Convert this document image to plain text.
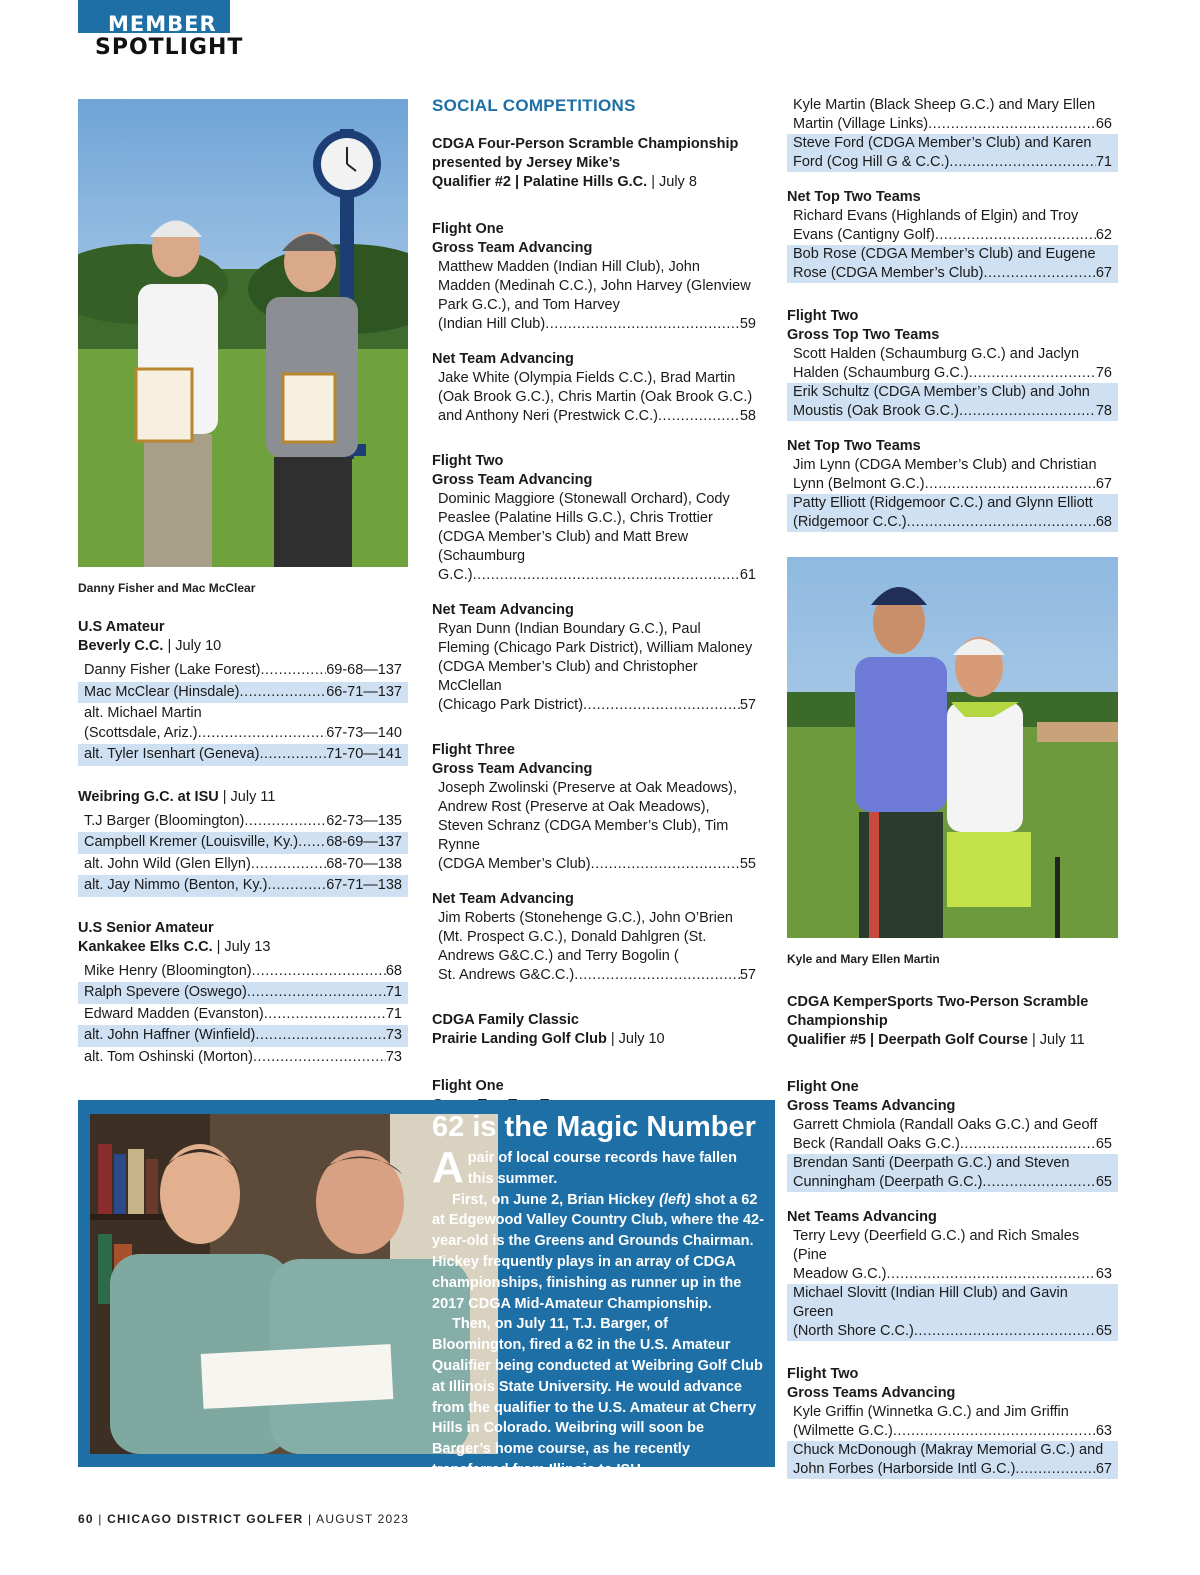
MEMBER
SPOTLIGHT
Danny Fisher and Mac McClear
U.S Amateur
Beverly C.C. | July 10
Danny Fisher (Lake Forest) .....	69-68—137
Mac McClear (Hinsdale) .....	66-71—137
alt. Michael Martin
(Scottsdale, Ariz.) .....	67-73—140
alt. Tyler Isenhart (Geneva) .....	71-70—141
Weibring G.C. at ISU | July 11
T.J Barger (Bloomington) .....	62-73—135
Campbell Kremer (Louisville, Ky.) ..... 68-69—137
alt. John Wild (Glen Ellyn) .....	68-70—138
alt. Jay Nimmo (Benton, Ky.) .....	67-71—138
U.S Senior Amateur
Kankakee Elks C.C. | July 13
Mike Henry (Bloomington) .....	68
Ralph Spevere (Oswego) .....	71
Edward Madden (Evanston) .....	71
alt. John Haffner (Winfield) .....	73
alt. Tom Oshinski (Morton) .....	73
SOCIAL COMPETITIONS
CDGA Four-Person Scramble Championship presented by Jersey Mike’s
Qualifier #2 | Palatine Hills G.C. | July 8
Flight One
Gross Team Advancing
Matthew Madden (Indian Hill Club), John Madden (Medinah C.C.), John Harvey (Glenview Park G.C.), and Tom Harvey
(Indian Hill Club) .....	59
Net Team Advancing
Jake White (Olympia Fields C.C.), Brad Martin (Oak Brook G.C.), Chris Martin (Oak Brook G.C.)
and Anthony Neri (Prestwick C.C.) .....	58
Flight Two
Gross Team Advancing
Dominic Maggiore (Stonewall Orchard), Cody Peaslee (Palatine Hills G.C.), Chris Trottier (CDGA Member’s Club) and Matt Brew (Schaumburg
G.C.) .....	61
Net Team Advancing
Ryan Dunn (Indian Boundary G.C.), Paul Fleming (Chicago Park District), William Maloney (CDGA Member’s Club) and Christopher McClellan
(Chicago Park District) .....	57
Flight Three
Gross Team Advancing
Joseph Zwolinski (Preserve at Oak Meadows), Andrew Rost (Preserve at Oak Meadows), Steven Schranz (CDGA Member’s Club), Tim Rynne
(CDGA Member’s Club) .....	55
Net Team Advancing
Jim Roberts (Stonehenge G.C.), John O’Brien (Mt. Prospect G.C.), Donald Dahlgren (St. Andrews G&C.C.) and Terry Bogolin (
St. Andrews G&C.C.) .....	57
CDGA Family Classic
Prairie Landing Golf Club | July 10
Flight One
Kyle Martin (Black Sheep G.C.) and Mary Ellen
Martin (Village Links) .....	66
Steve Ford (CDGA Member’s Club) and Karen
Ford (Cog Hill G & C.C.) .....	71
Net Top Two Teams
Richard Evans (Highlands of Elgin) and Troy
Evans (Cantigny Golf) .....	62
Bob Rose (CDGA Member’s Club) and Eugene
Rose (CDGA Member’s Club) .....	67
Flight Two
Gross Top Two Teams
Scott Halden (Schaumburg G.C.) and Jaclyn
Halden (Schaumburg G.C.) .....	76
Erik Schultz (CDGA Member’s Club) and John
Moustis (Oak Brook G.C.) .....	78
Net Top Two Teams
Jim Lynn (CDGA Member’s Club) and Christian
Lynn (Belmont G.C.) .....	67
Patty Elliott (Ridgemoor C.C.) and Glynn Elliott
(Ridgemoor C.C.) .....	68
Kyle and Mary Ellen Martin
CDGA KemperSports Two-Person Scramble Championship
Qualifier #5 | Deerpath Golf Course | July 11
Flight One
Gross Teams Advancing
Garrett Chmiola (Randall Oaks G.C.) and Geoff
Beck (Randall Oaks G.C.) .....	65
Brendan Santi (Deerpath G.C.) and Steven
Cunningham (Deerpath G.C.) .....	65
Net Teams Advancing
Terry Levy (Deerfield G.C.) and Rich Smales (Pine
Meadow G.C.) .....	63
Michael Slovitt (Indian Hill Club) and Gavin Green
(North Shore C.C.) .....	65
Flight Two
Gross Teams Advancing
Kyle Griffin (Winnetka G.C.) and Jim Griffin
(Wilmette G.C.) .....	63
Chuck McDonough (Makray Memorial G.C.) and
John Forbes (Harborside Intl G.C.) .....	67
62 is the Magic Number

Apair of local course records have fallen this summer.

First, on June 2, Brian Hickey (left) shot a 62 at Edgewood Valley Country Club, where the 42-year-old is the Greens and Grounds Chairman. Hickey frequently plays in an array of CDGA championships, finishing as runner up in the 2017 CDGA Mid-Amateur Championship.

Then, on July 11, T.J. Barger, of Bloomington, fired a 62 in the U.S. Amateur Qualifier being conducted at Weibring Golf Club at Illinois State University. He would advance from the qualifier to the U.S. Amateur at Cherry Hills in Colorado. Weibring will soon be Barger’s home course, as he recently transferred from Illinois to ISU.

60 | CHICAGO DISTRICT GOLFER | AUGUST 2023
